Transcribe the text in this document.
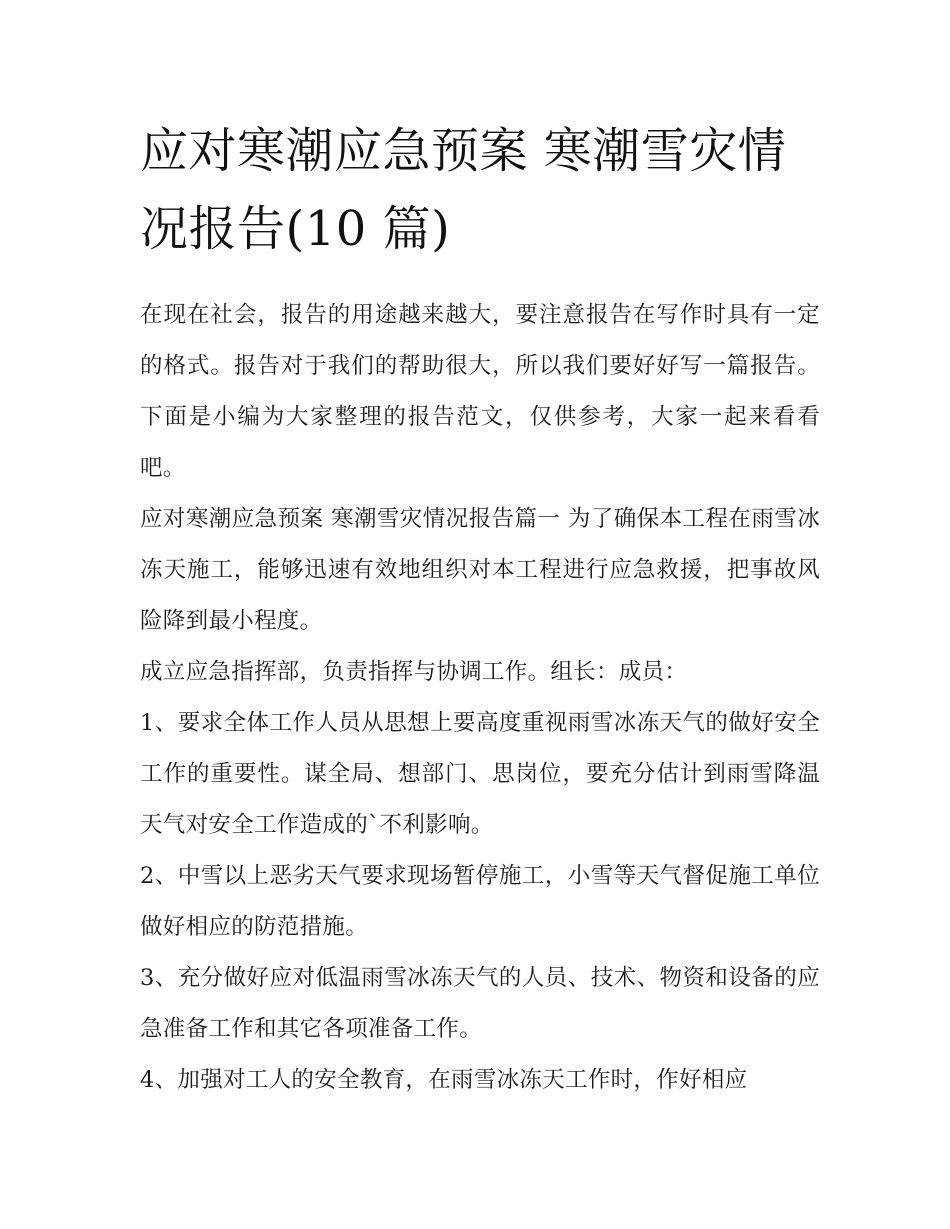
应对寒潮应急预案 寒潮雪灾情况报告(10 篇)

在现在社会，报告的用途越来越大，要注意报告在写作时具有一定的格式。报告对于我们的帮助很大，所以我们要好好写一篇报告。下面是小编为大家整理的报告范文，仅供参考，大家一起来看看吧。

应对寒潮应急预案 寒潮雪灾情况报告篇一 为了确保本工程在雨雪冰冻天施工，能够迅速有效地组织对本工程进行应急救援，把事故风险降到最小程度。

成立应急指挥部，负责指挥与协调工作。组长：成员：

1、要求全体工作人员从思想上要高度重视雨雪冰冻天气的做好安全工作的重要性。谋全局、想部门、思岗位，要充分估计到雨雪降温天气对安全工作造成的`不利影响。

2、中雪以上恶劣天气要求现场暂停施工，小雪等天气督促施工单位做好相应的防范措施。

3、充分做好应对低温雨雪冰冻天气的人员、技术、物资和设备的应急准备工作和其它各项准备工作。

4、加强对工人的安全教育，在雨雪冰冻天工作时，作好相应
